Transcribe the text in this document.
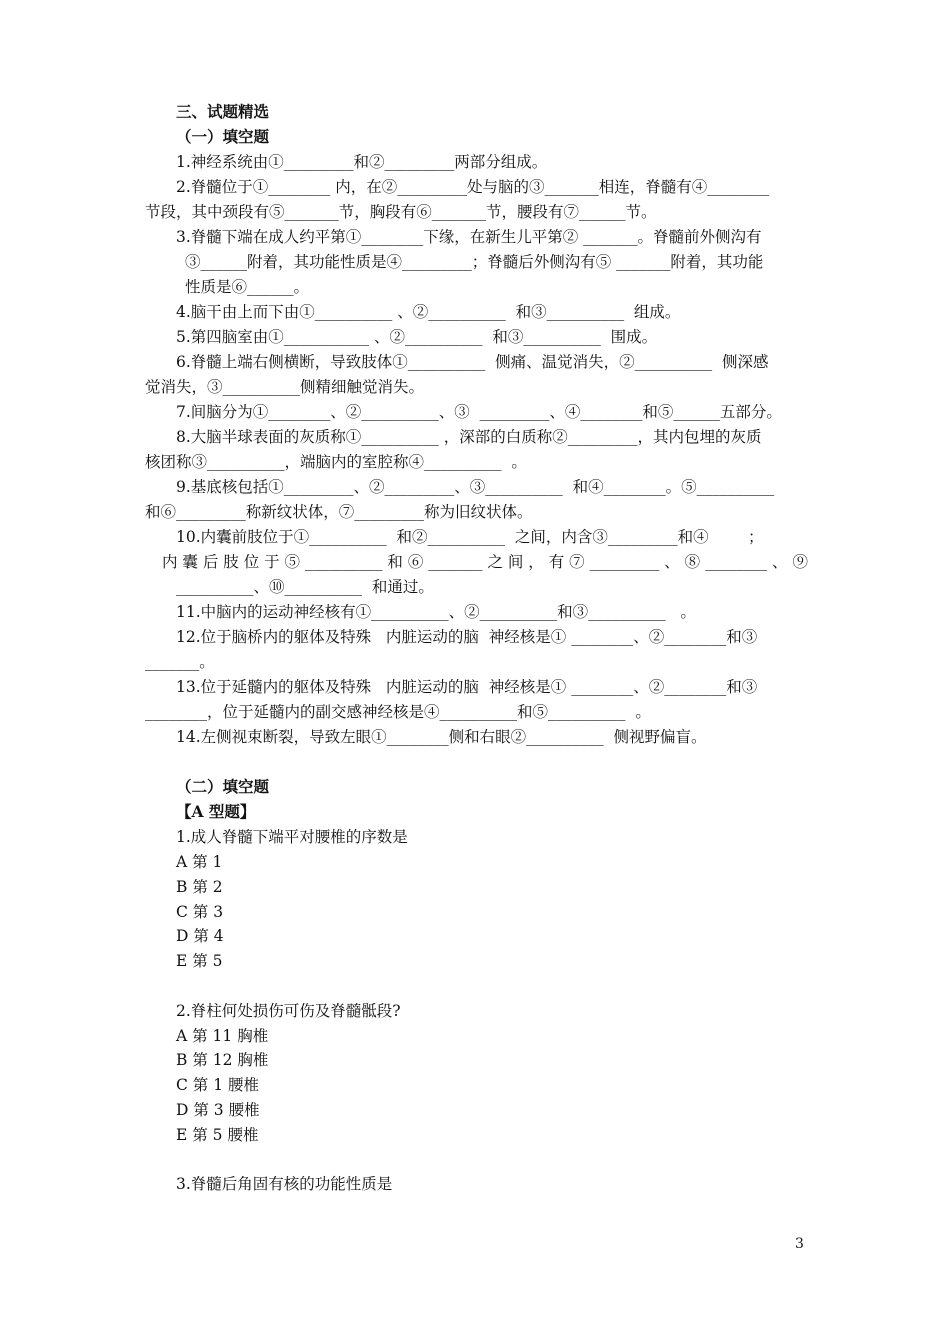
三、试题精选
（一）填空题
1.神经系统由①_________和②_________两部分组成。
2.脊髓位于①________ 内，在②_________处与脑的③_______相连，脊髓有④________
节段，其中颈段有⑤_______节，胸段有⑥_______节，腰段有⑦______节。
3.脊髓下端在成人约平第①________下缘，在新生儿平第② _______。脊髓前外侧沟有
③______附着，其功能性质是④_________；脊髓后外侧沟有⑤ _______附着，其功能
性质是⑥______。
4.脑干由上而下由①__________ 、②__________  和③__________  组成。
5.第四脑室由①___________ 、②__________  和③__________  围成。
6.脊髓上端右侧横断，导致肢体①__________  侧痛、温觉消失，②__________  侧深感
觉消失，③__________侧精细触觉消失。
7.间脑分为①________、②__________、③  _________、④________和⑤______五部分。
8.大脑半球表面的灰质称①__________ ，深部的白质称②_________，其内包埋的灰质
核团称③__________，端脑内的室腔称④__________  。
9.基底核包括①_________、②_________、③__________  和④________。⑤__________
和⑥_________称新纹状体，⑦_________称为旧纹状体。
10.内囊前肢位于①__________  和②__________  之间，内含③_________和④        ；
内 囊 后 肢 位 于 ⑤ __________ 和 ⑥ _______ 之 间 ， 有 ⑦ _________ 、 ⑧ ________ 、 ⑨
__________、⑩__________  和通过。
11.中脑内的运动神经核有①__________、②__________和③__________   。
12.位于脑桥内的躯体及特殊   内脏运动的脑  神经核是① ________、②________和③
_______。
13.位于延髓内的躯体及特殊   内脏运动的脑  神经核是① ________、②________和③
________，位于延髓内的副交感神经核是④__________和⑤__________  。
14.左侧视束断裂，导致左眼①________侧和右眼②__________  侧视野偏盲。
（二）填空题
【A 型题】
1.成人脊髓下端平对腰椎的序数是
A 第 1
B 第 2
C 第 3
D 第 4
E 第 5
2.脊柱何处损伤可伤及脊髓骶段?
A 第 11 胸椎
B 第 12 胸椎
C 第 1 腰椎
D 第 3 腰椎
E 第 5 腰椎
3.脊髓后角固有核的功能性质是
3
